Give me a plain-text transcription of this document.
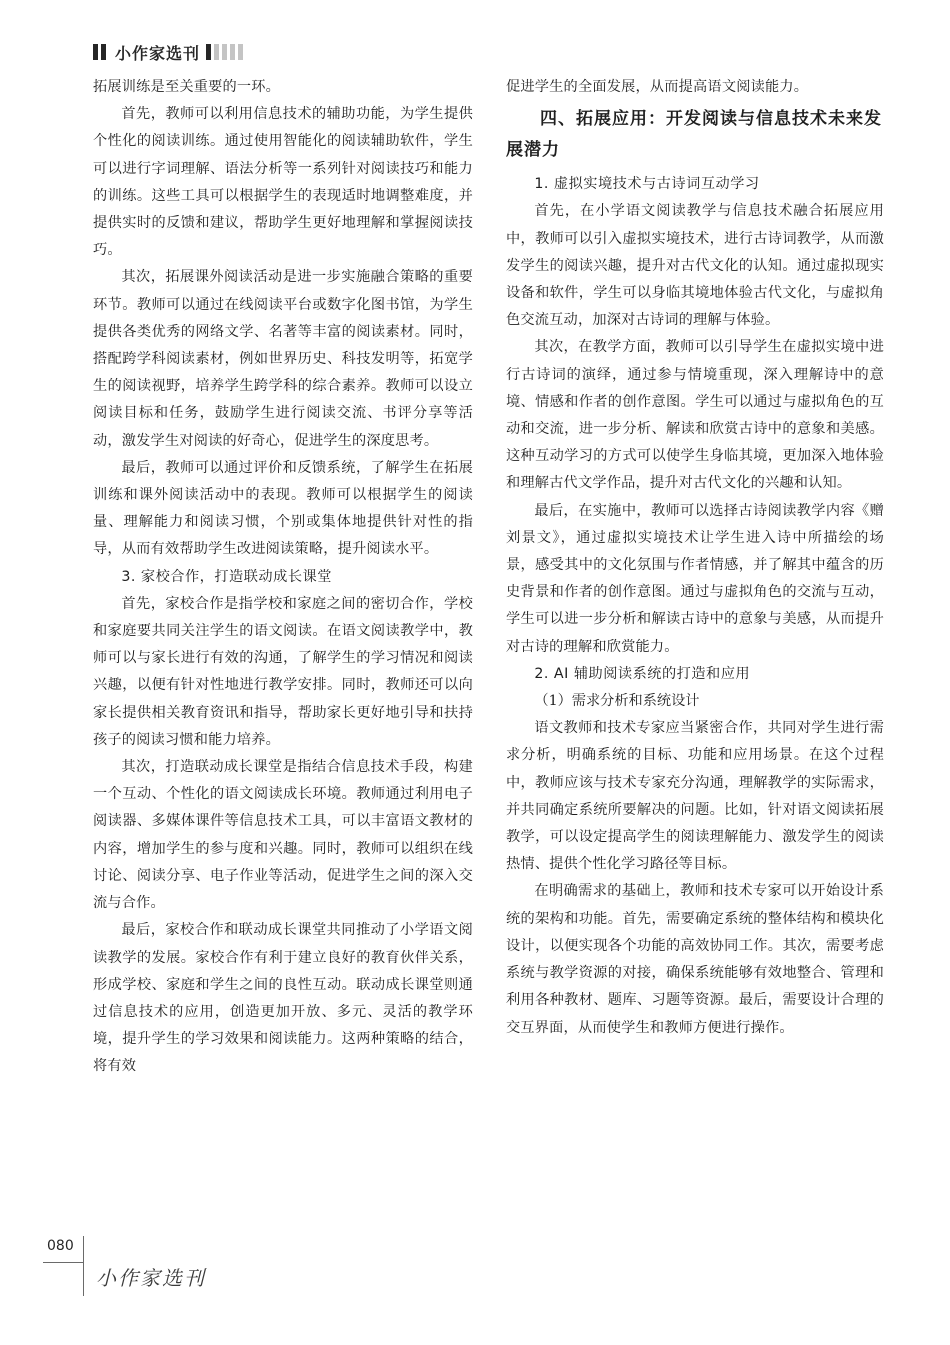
小作家选刊

拓展训练是至关重要的一环。

首先，教师可以利用信息技术的辅助功能，为学生提供个性化的阅读训练。通过使用智能化的阅读辅助软件，学生可以进行字词理解、语法分析等一系列针对阅读技巧和能力的训练。这些工具可以根据学生的表现适时地调整难度，并提供实时的反馈和建议，帮助学生更好地理解和掌握阅读技巧。

其次，拓展课外阅读活动是进一步实施融合策略的重要环节。教师可以通过在线阅读平台或数字化图书馆，为学生提供各类优秀的网络文学、名著等丰富的阅读素材。同时，搭配跨学科阅读素材，例如世界历史、科技发明等，拓宽学生的阅读视野，培养学生跨学科的综合素养。教师可以设立阅读目标和任务，鼓励学生进行阅读交流、书评分享等活动，激发学生对阅读的好奇心，促进学生的深度思考。

最后，教师可以通过评价和反馈系统，了解学生在拓展训练和课外阅读活动中的表现。教师可以根据学生的阅读量、理解能力和阅读习惯，个别或集体地提供针对性的指导，从而有效帮助学生改进阅读策略，提升阅读水平。

3. 家校合作，打造联动成长课堂

首先，家校合作是指学校和家庭之间的密切合作，学校和家庭要共同关注学生的语文阅读。在语文阅读教学中，教师可以与家长进行有效的沟通，了解学生的学习情况和阅读兴趣，以便有针对性地进行教学安排。同时，教师还可以向家长提供相关教育资讯和指导，帮助家长更好地引导和扶持孩子的阅读习惯和能力培养。

其次，打造联动成长课堂是指结合信息技术手段，构建一个互动、个性化的语文阅读成长环境。教师通过利用电子阅读器、多媒体课件等信息技术工具，可以丰富语文教材的内容，增加学生的参与度和兴趣。同时，教师可以组织在线讨论、阅读分享、电子作业等活动，促进学生之间的深入交流与合作。

最后，家校合作和联动成长课堂共同推动了小学语文阅读教学的发展。家校合作有利于建立良好的教育伙伴关系，形成学校、家庭和学生之间的良性互动。联动成长课堂则通过信息技术的应用，创造更加开放、多元、灵活的教学环境，提升学生的学习效果和阅读能力。这两种策略的结合，将有效

促进学生的全面发展，从而提高语文阅读能力。

四、拓展应用：开发阅读与信息技术未来发展潜力

1. 虚拟实境技术与古诗词互动学习

首先，在小学语文阅读教学与信息技术融合拓展应用中，教师可以引入虚拟实境技术，进行古诗词教学，从而激发学生的阅读兴趣，提升对古代文化的认知。通过虚拟现实设备和软件，学生可以身临其境地体验古代文化，与虚拟角色交流互动，加深对古诗词的理解与体验。

其次，在教学方面，教师可以引导学生在虚拟实境中进行古诗词的演绎，通过参与情境重现，深入理解诗中的意境、情感和作者的创作意图。学生可以通过与虚拟角色的互动和交流，进一步分析、解读和欣赏古诗中的意象和美感。这种互动学习的方式可以使学生身临其境，更加深入地体验和理解古代文学作品，提升对古代文化的兴趣和认知。

最后，在实施中，教师可以选择古诗阅读教学内容《赠刘景文》，通过虚拟实境技术让学生进入诗中所描绘的场景，感受其中的文化氛围与作者情感，并了解其中蕴含的历史背景和作者的创作意图。通过与虚拟角色的交流与互动，学生可以进一步分析和解读古诗中的意象与美感，从而提升对古诗的理解和欣赏能力。

2. AI 辅助阅读系统的打造和应用

（1）需求分析和系统设计

语文教师和技术专家应当紧密合作，共同对学生进行需求分析，明确系统的目标、功能和应用场景。在这个过程中，教师应该与技术专家充分沟通，理解教学的实际需求，并共同确定系统所要解决的问题。比如，针对语文阅读拓展教学，可以设定提高学生的阅读理解能力、激发学生的阅读热情、提供个性化学习路径等目标。

在明确需求的基础上，教师和技术专家可以开始设计系统的架构和功能。首先，需要确定系统的整体结构和模块化设计，以便实现各个功能的高效协同工作。其次，需要考虑系统与教学资源的对接，确保系统能够有效地整合、管理和利用各种教材、题库、习题等资源。最后，需要设计合理的交互界面，从而使学生和教师方便进行操作。

080
小作家选刊
